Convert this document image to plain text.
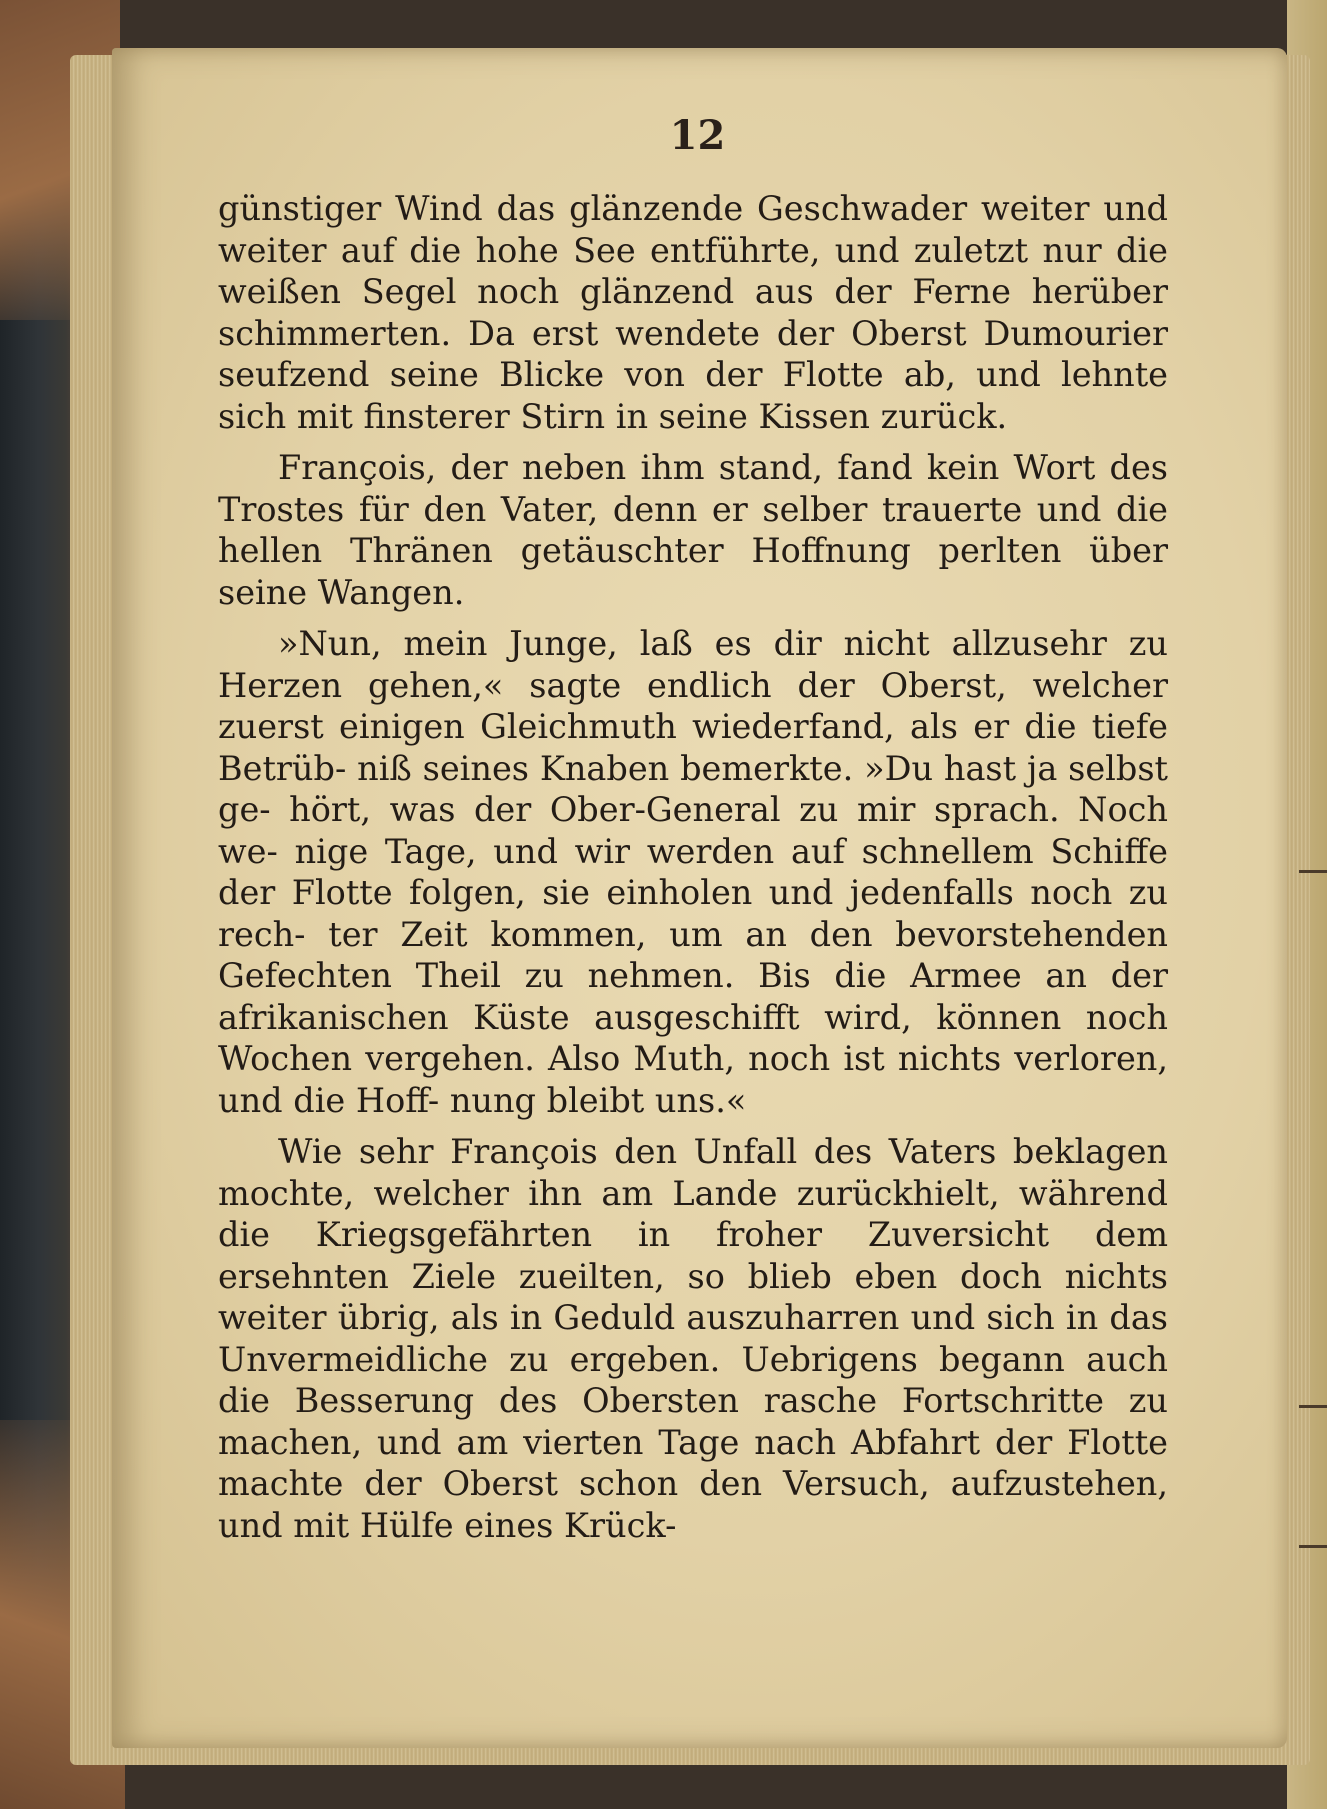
12

günstiger Wind das glänzende Geschwader weiter und weiter auf die hohe See entführte, und zuletzt nur die weißen Segel noch glänzend aus der Ferne herüber schimmerten. Da erst wendete der Oberst Dumourier seufzend seine Blicke von der Flotte ab, und lehnte sich mit finsterer Stirn in seine Kissen zurück.

François, der neben ihm stand, fand kein Wort des Trostes für den Vater, denn er selber trauerte und die hellen Thränen getäuschter Hoffnung perlten über seine Wangen.

»Nun, mein Junge, laß es dir nicht allzusehr zu Herzen gehen,« sagte endlich der Oberst, welcher zuerst einigen Gleichmuth wiederfand, als er die tiefe Betrüb- niß seines Knaben bemerkte. »Du hast ja selbst ge- hört, was der Ober-General zu mir sprach. Noch we- nige Tage, und wir werden auf schnellem Schiffe der Flotte folgen, sie einholen und jedenfalls noch zu rech- ter Zeit kommen, um an den bevorstehenden Gefechten Theil zu nehmen. Bis die Armee an der afrikanischen Küste ausgeschifft wird, können noch Wochen vergehen. Also Muth, noch ist nichts verloren, und die Hoff- nung bleibt uns.«

Wie sehr François den Unfall des Vaters beklagen mochte, welcher ihn am Lande zurückhielt, während die Kriegsgefährten in froher Zuversicht dem ersehnten Ziele zueilten, so blieb eben doch nichts weiter übrig, als in Geduld auszuharren und sich in das Unvermeidliche zu ergeben. Uebrigens begann auch die Besserung des Obersten rasche Fortschritte zu machen, und am vierten Tage nach Abfahrt der Flotte machte der Oberst schon den Versuch, aufzustehen, und mit Hülfe eines Krück-
